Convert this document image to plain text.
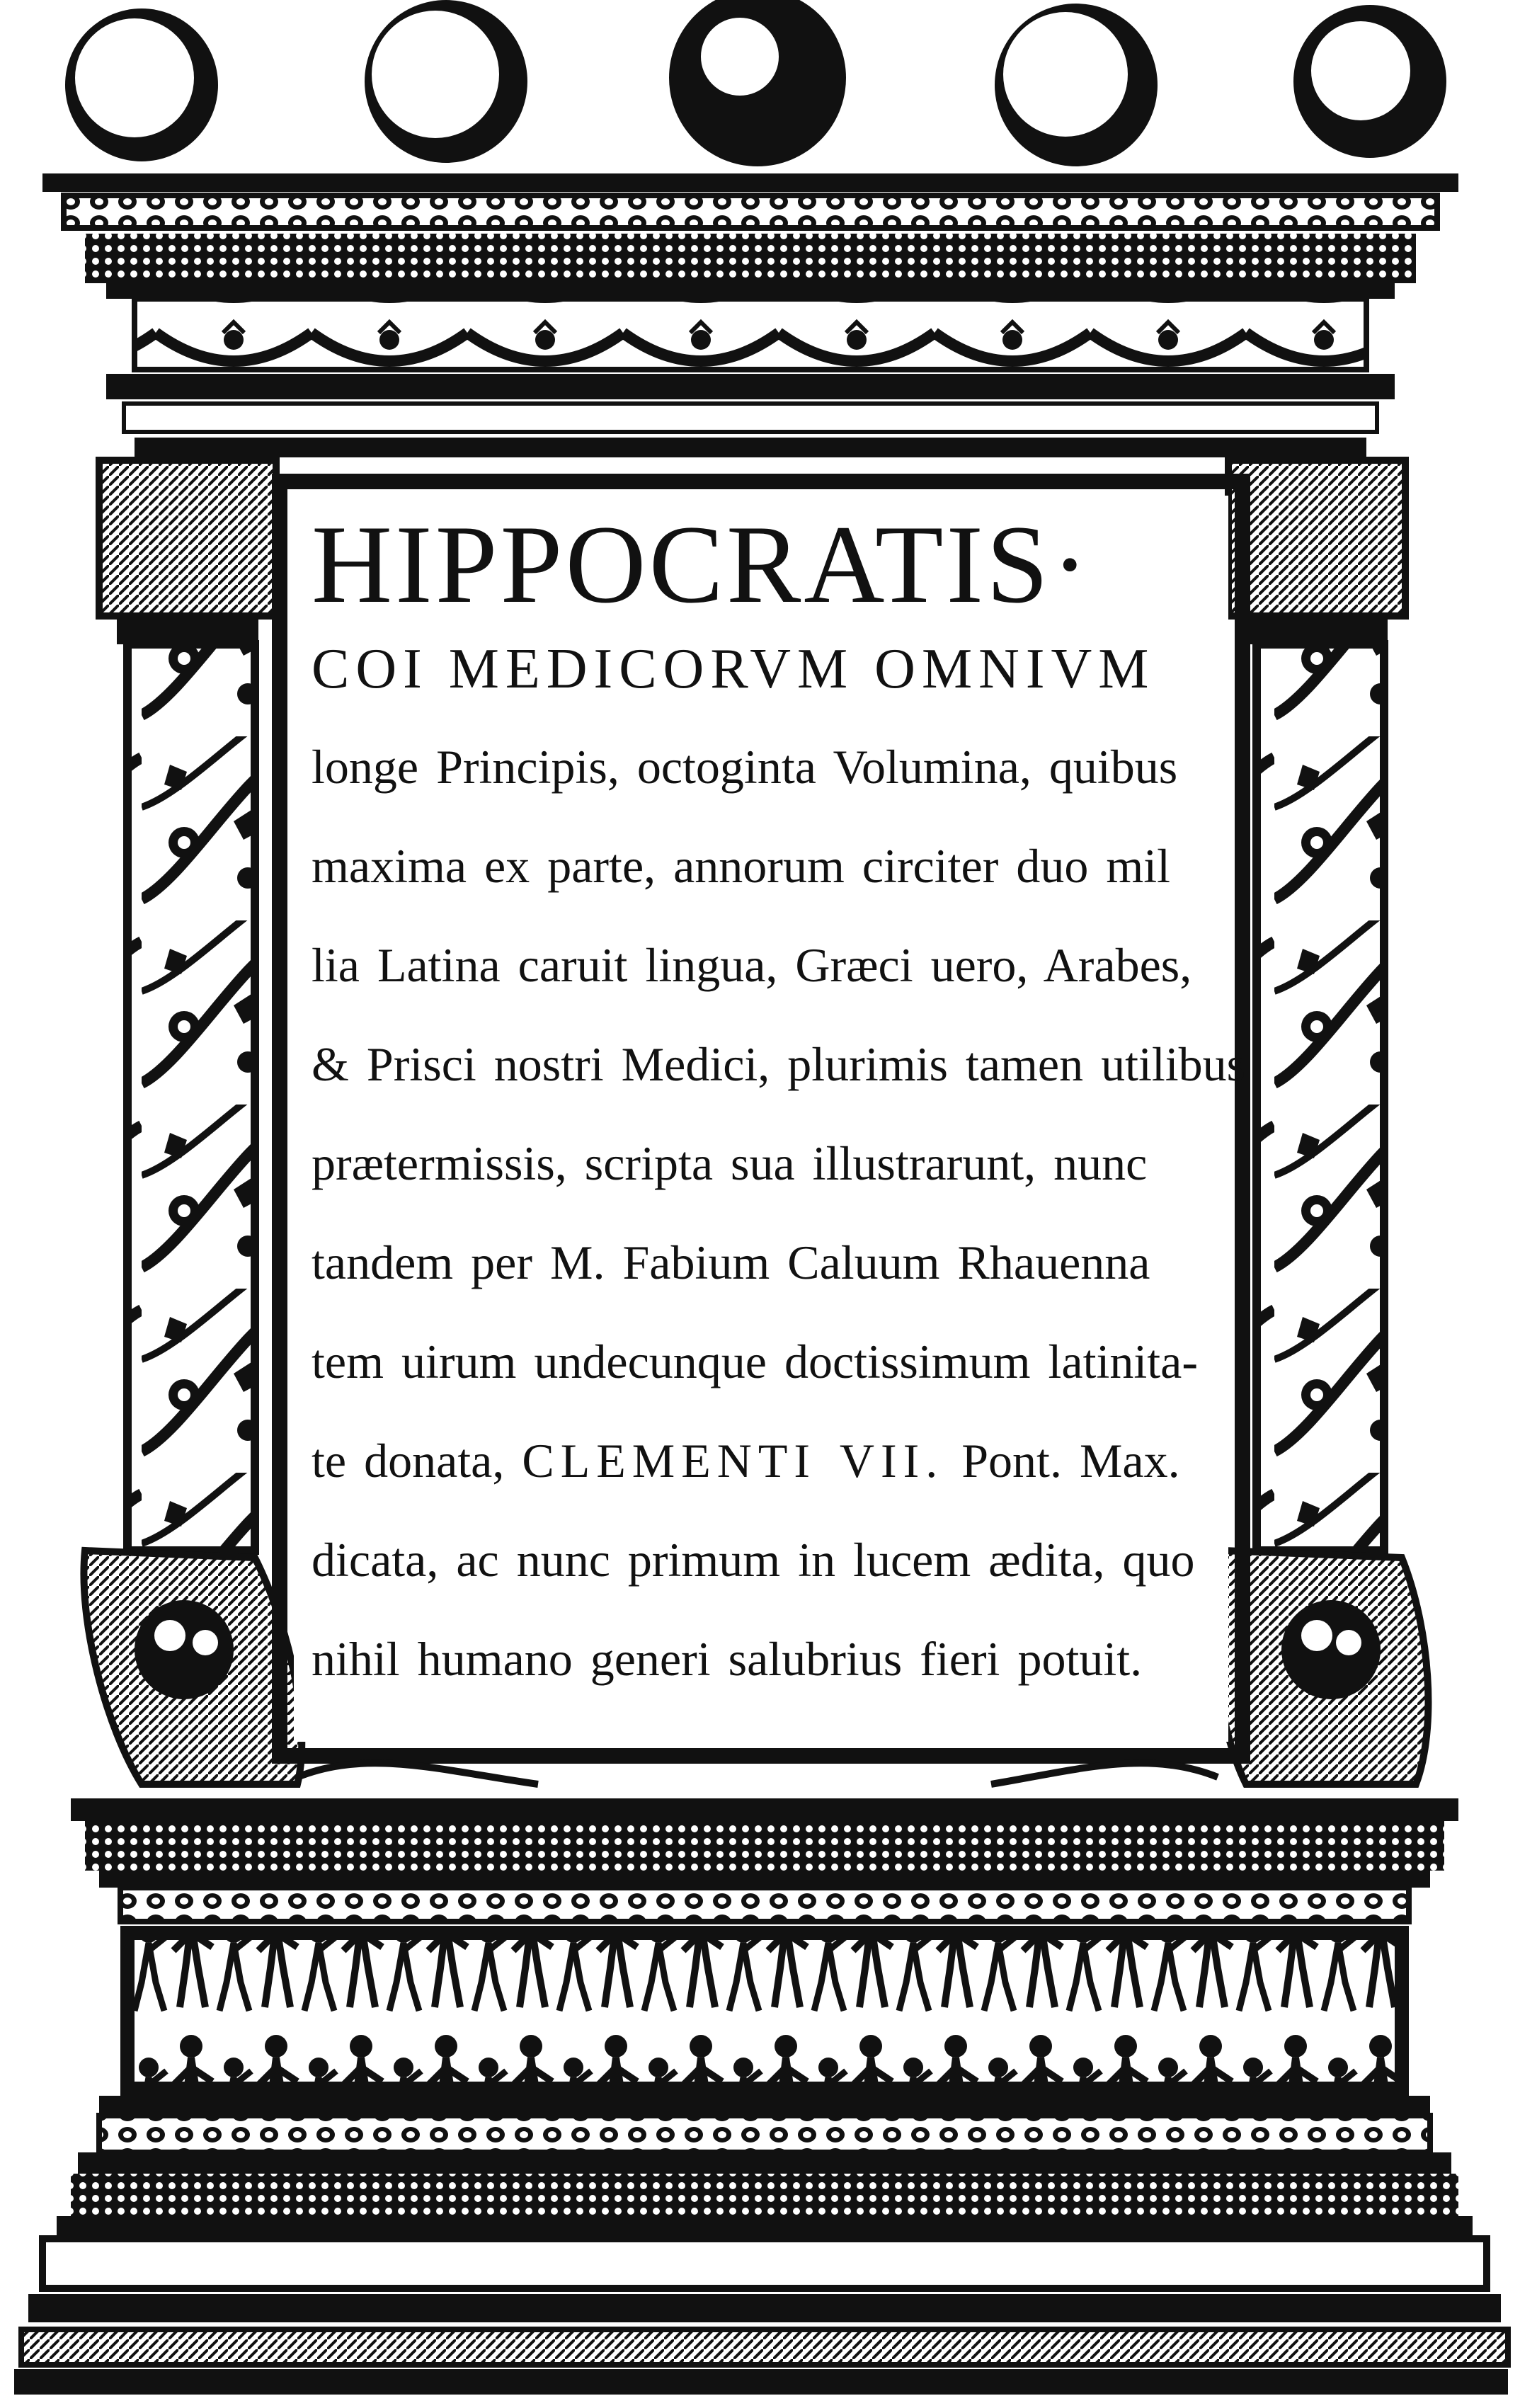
HIPPOCRATIS·
COI MEDICORVM OMNIVM
longe Principis, octoginta Volumina, quibus
maxima ex parte, annorum circiter duo mil
lia Latina caruit lingua, Græci uero, Arabes,
& Prisci nostri Medici, plurimis tamen utilibus
prætermissis, scripta sua illustrarunt, nunc
tandem per M. Fabium Caluum Rhauenna
tem uirum undecunque doctissimum latinita-
te donata, CLEMENTI VII. Pont. Max.
dicata, ac nunc primum in lucem ædita, quo
nihil humano generi salubrius fieri potuit.
